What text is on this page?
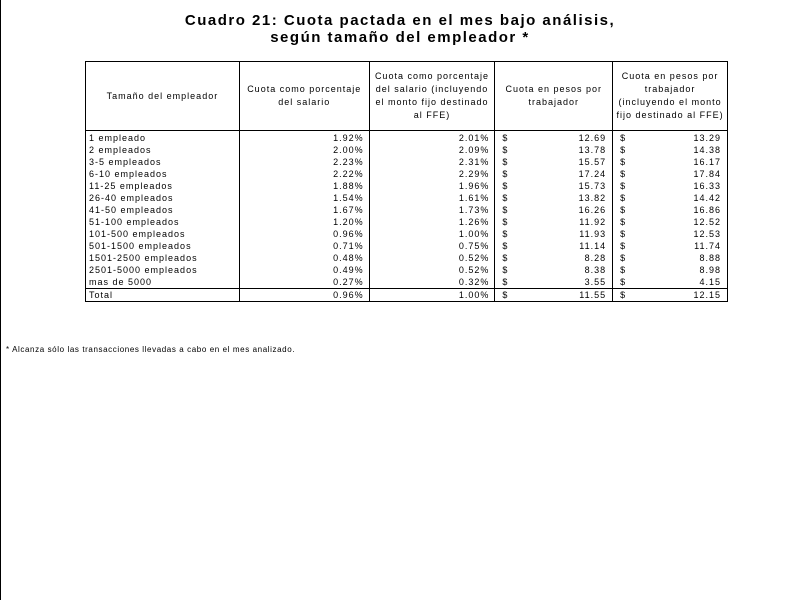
Cuadro 21: Cuota pactada en el mes bajo análisis,
según tamaño del empleador *
Tamaño del empleador	Cuota como porcentaje del salario	Cuota como porcentaje del salario (incluyendo el monto fijo destinado al FFE)	Cuota en pesos por trabajador	Cuota en pesos por trabajador (incluyendo el monto fijo destinado al FFE)
1 empleado	1.92%	2.01%	$ 12.69	$ 13.29

2 empleados	2.00%	2.09%	$ 13.78	$ 14.38

3-5 empleados	2.23%	2.31%	$ 15.57	$ 16.17

6-10 empleados	2.22%	2.29%	$ 17.24	$ 17.84

11-25 empleados	1.88%	1.96%	$ 15.73	$ 16.33

26-40 empleados	1.54%	1.61%	$ 13.82	$ 14.42

41-50 empleados	1.67%	1.73%	$ 16.26	$ 16.86

51-100 empleados	1.20%	1.26%	$ 11.92	$ 12.52

101-500 empleados	0.96%	1.00%	$ 11.93	$ 12.53

501-1500 empleados	0.71%	0.75%	$ 11.14	$ 11.74

1501-2500 empleados	0.48%	0.52%	$ 8.28	$ 8.88

2501-5000 empleados	0.49%	0.52%	$ 8.38	$ 8.98

mas de 5000	0.27%	0.32%	$ 3.55	$ 4.15

Total	0.96%	1.00%	$ 11.55	$ 12.15
* Alcanza sólo las transacciones llevadas a cabo en el mes analizado.
